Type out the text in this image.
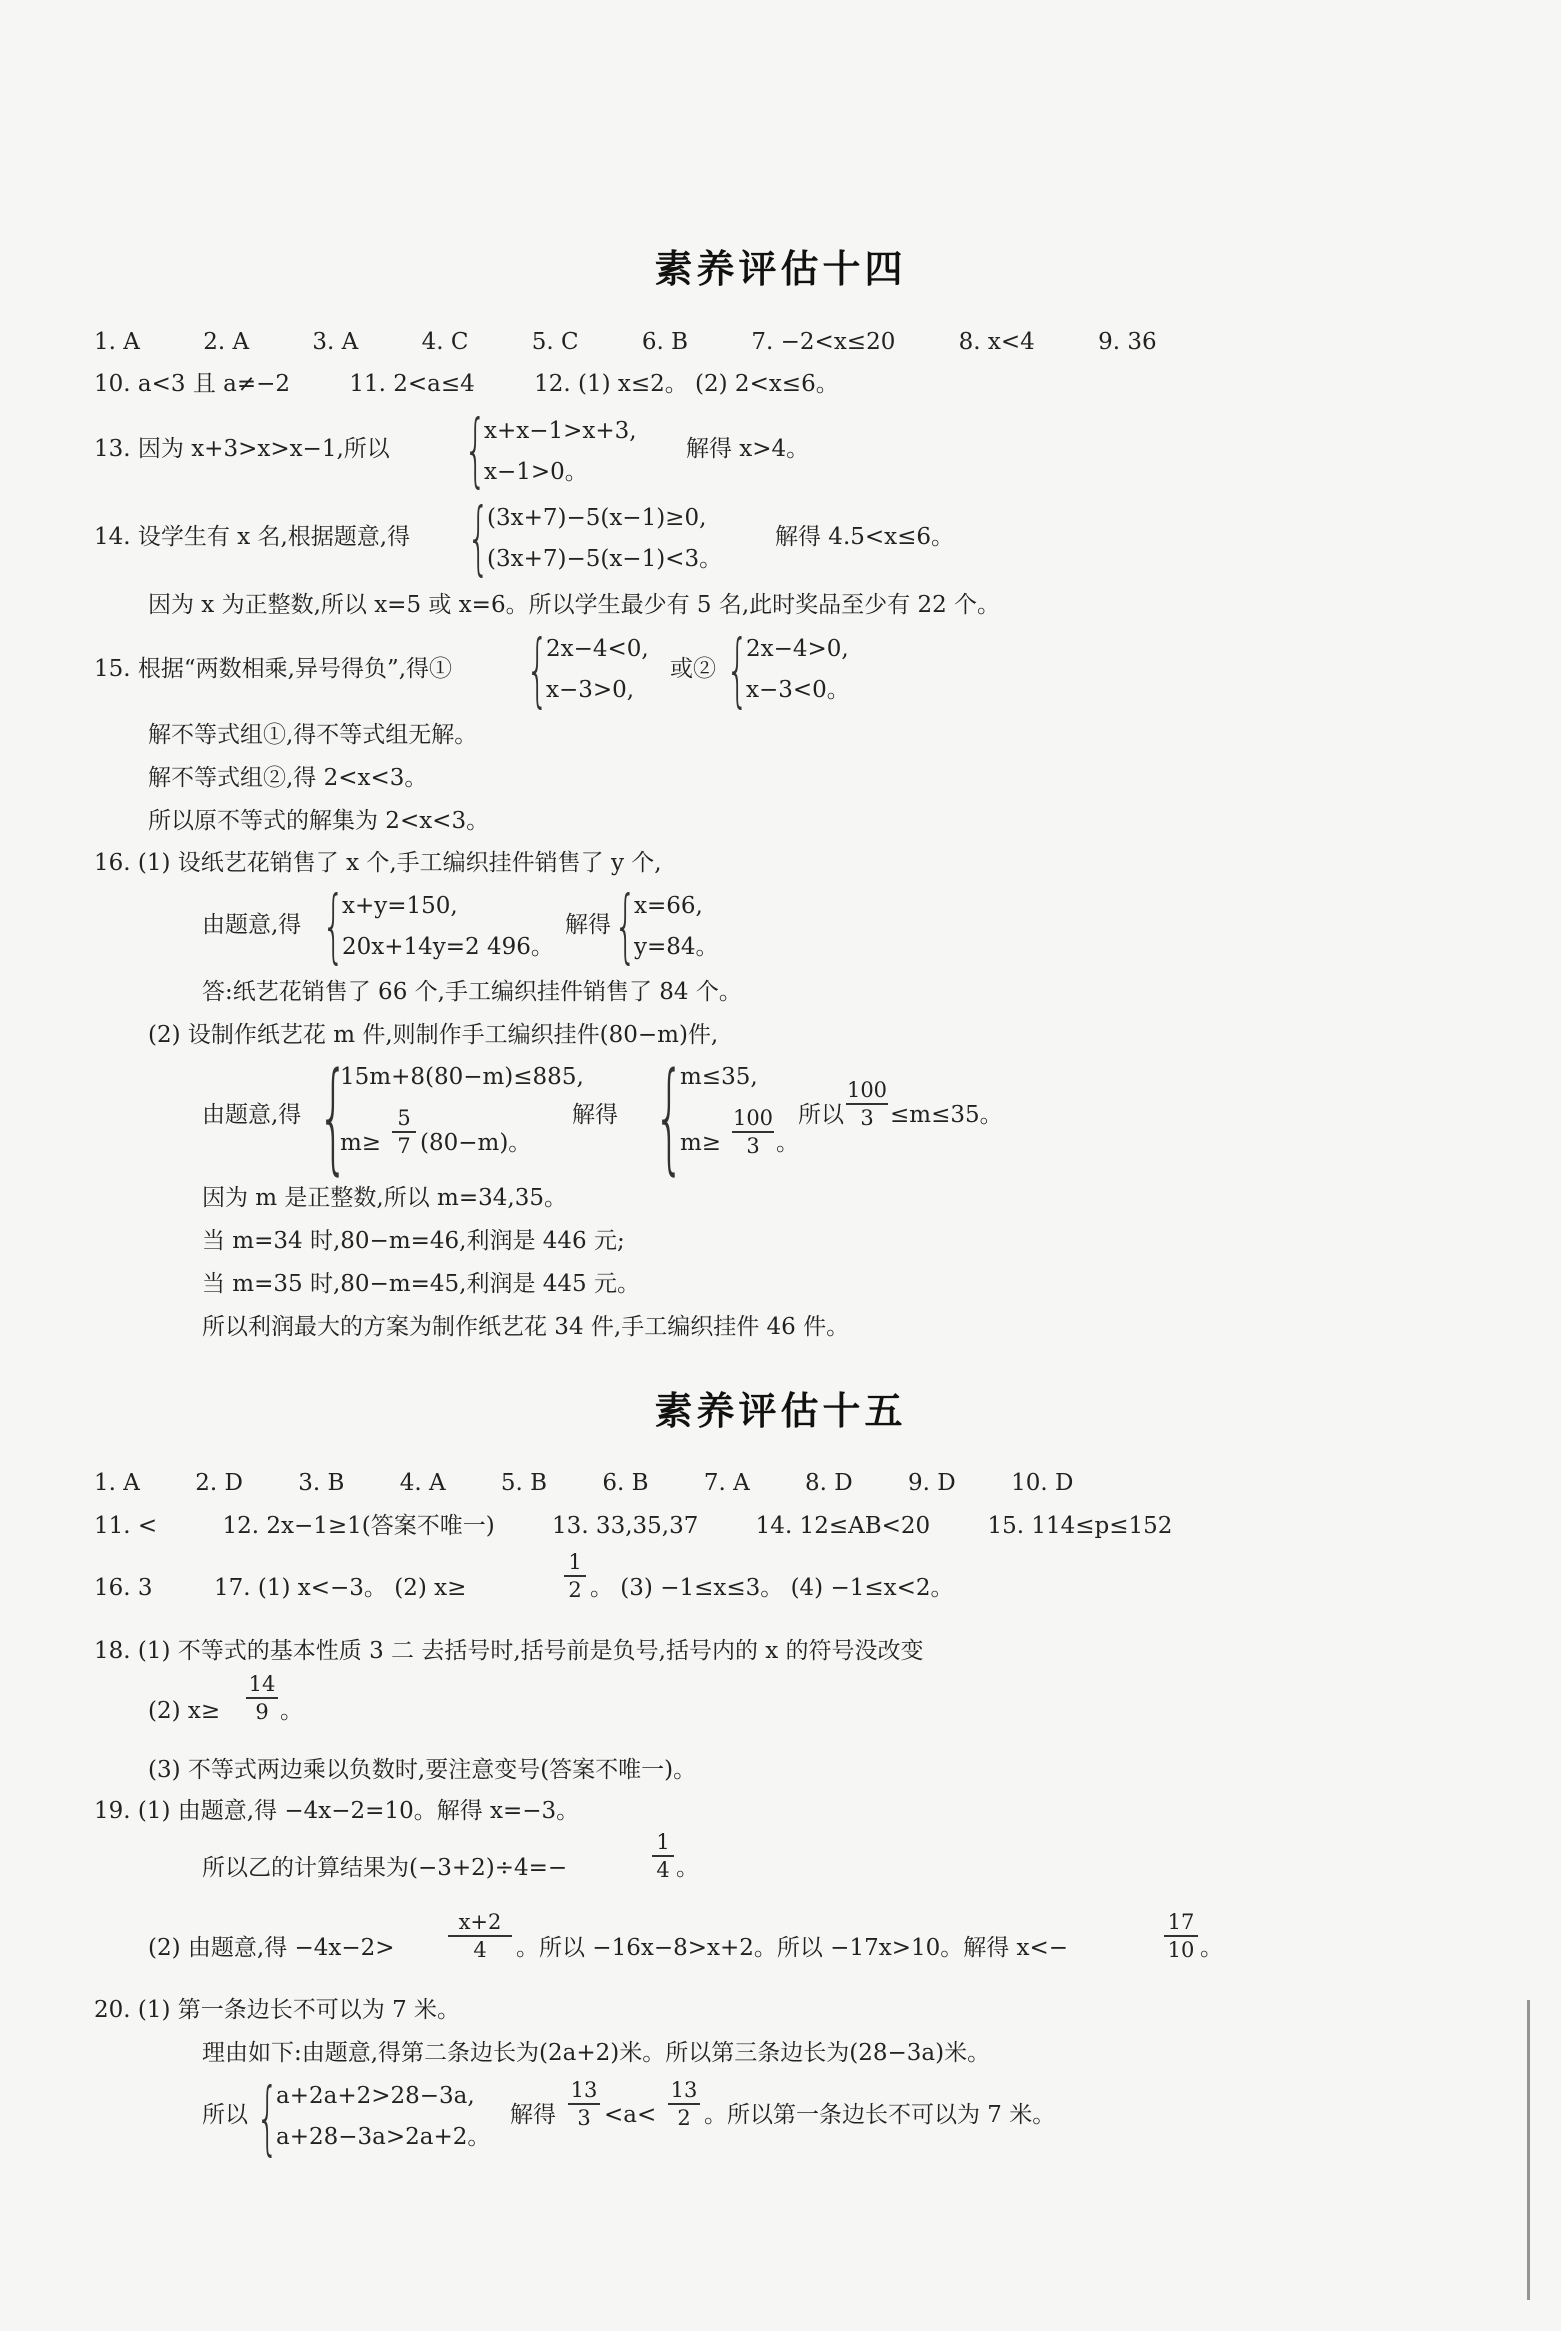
素养评估十四
1. A	2. A	3. A	4. C	5. C	6. B	7. −2<x≤20	8. x<4	9. 36
10. a<3 且 a≠−2	11. 2<a≤4	12. (1) x≤2。 (2) 2<x≤6。
13. 因为 x+3>x>x−1,所以 {
x+x−1>x+3,
x−1>0。
解得 x>4。
14. 设学生有 x 名,根据题意,得 {
(3x+7)−5(x−1)≥0,
(3x+7)−5(x−1)<3。
解得 4.5<x≤6。
因为 x 为正整数,所以 x=5 或 x=6。所以学生最少有 5 名,此时奖品至少有 22 个。
15. 根据“两数相乘,异号得负”,得① {
2x−4<0,
x−3>0,
或② {
2x−4>0,
x−3<0。
解不等式组①,得不等式组无解。
解不等式组②,得 2<x<3。
所以原不等式的解集为 2<x<3。
16. (1) 设纸艺花销售了 x 个,手工编织挂件销售了 y 个,
由题意,得 {
x+y=150,
20x+14y=2 496。
解得 {
x=66,
y=84。
答:纸艺花销售了 66 个,手工编织挂件销售了 84 个。
(2) 设制作纸艺花 m 件,则制作手工编织挂件(80−m)件,
由题意,得 {
15m+8(80−m)≤885,
m≥
5
7 (80−m)。
解得 {
m≤35,
m≥
100
3 。
所以
100
3 ≤m≤35。
因为 m 是正整数,所以 m=34,35。
当 m=34 时,80−m=46,利润是 446 元;
当 m=35 时,80−m=45,利润是 445 元。
所以利润最大的方案为制作纸艺花 34 件,手工编织挂件 46 件。
素养评估十五
1. A 2. D 3. B 4. A 5. B 6. B 7. A 8. D 9. D 10. D
11. <	12. 2x−1≥1(答案不唯一) 13. 33,35,37 14. 12≤AB<20 15. 114≤p≤152
16. 3	17. (1) x<−3。 (2) x≥
1
2 。 (3) −1≤x≤3。 (4) −1≤x<2。
18. (1) 不等式的基本性质 3 二 去括号时,括号前是负号,括号内的 x 的符号没改变
(2) x≥
14
9 。
(3) 不等式两边乘以负数时,要注意变号(答案不唯一)。
19. (1) 由题意,得 −4x−2=10。解得 x=−3。
所以乙的计算结果为(−3+2)÷4=−
1
4 。
(2) 由题意,得 −4x−2>
x+2
4	。所以 −16x−8>x+2。所以 −17x>10。解得 x<−
17
10 。
20. (1) 第一条边长不可以为 7 米。
理由如下:由题意,得第二条边长为(2a+2)米。所以第三条边长为(28−3a)米。
所以 {
a+2a+2>28−3a,
a+28−3a>2a+2。
解得
13
3 <a<
13
2 。所以第一条边长不可以为 7 米。
